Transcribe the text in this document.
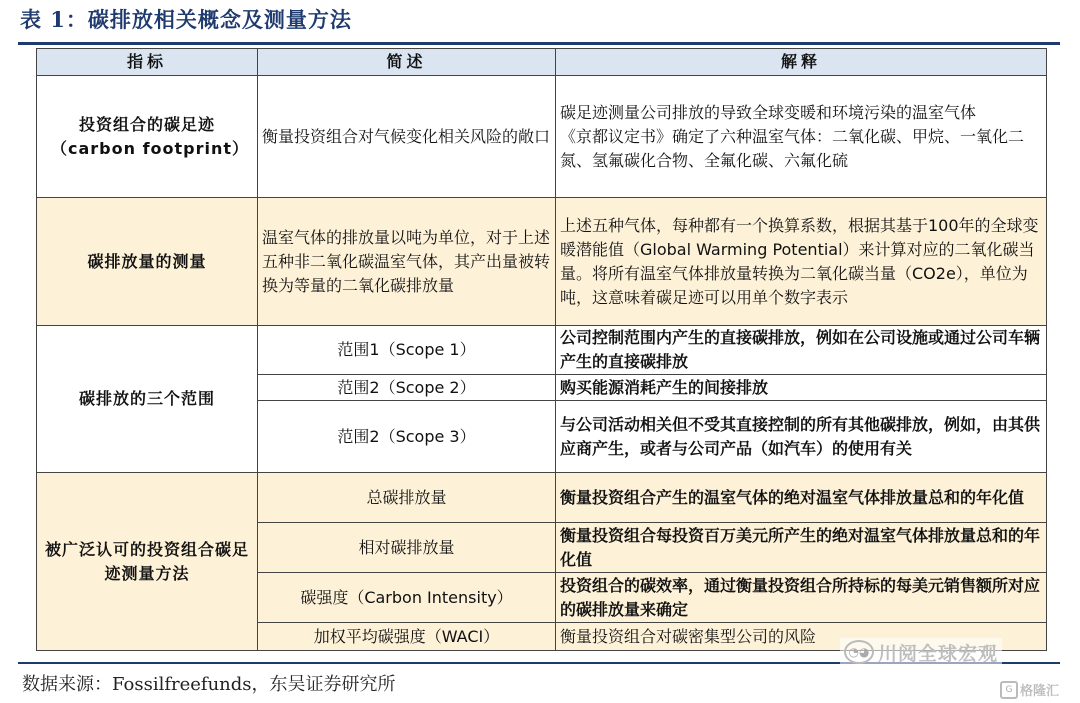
表 1：碳排放相关概念及测量方法
指标	简述	解释
投资组合的碳足迹（carbon footprint）	衡量投资组合对气候变化相关风险的敞口	碳足迹测量公司排放的导致全球变暖和环境污染的温室气体
《京都议定书》确定了六种温室气体：二氧化碳、甲烷、一氧化二氮、氢氟碳化合物、全氟化碳、六氟化硫
碳排放量的测量	温室气体的排放量以吨为单位，对于上述五种非二氧化碳温室气体，其产出量被转换为等量的二氧化碳排放量	上述五种气体，每种都有一个换算系数，根据其基于100年的全球变暖潜能值（Global Warming Potential）来计算对应的二氧化碳当量。将所有温室气体排放量转换为二氧化碳当量（CO2e），单位为吨，这意味着碳足迹可以用单个数字表示
碳排放的三个范围	范围1（Scope 1）	公司控制范围内产生的直接碳排放，例如在公司设施或通过公司车辆产生的直接碳排放
	范围2（Scope 2）	购买能源消耗产生的间接排放
	范围2（Scope 3）	与公司活动相关但不受其直接控制的所有其他碳排放，例如，由其供应商产生，或者与公司产品（如汽车）的使用有关
被广泛认可的投资组合碳足迹测量方法	总碳排放量	衡量投资组合产生的温室气体的绝对温室气体排放量总和的年化值
	相对碳排放量	衡量投资组合每投资百万美元所产生的绝对温室气体排放量总和的年化值
	碳强度（Carbon Intensity）	投资组合的碳效率，通过衡量投资组合所持标的每美元销售额所对应的碳排放量来确定
	加权平均碳强度（WACI）	衡量投资组合对碳密集型公司的风险
数据来源：Fossilfreefunds，东吴证券研究所
◔◕ 川阅全球宏观
G 格隆汇
